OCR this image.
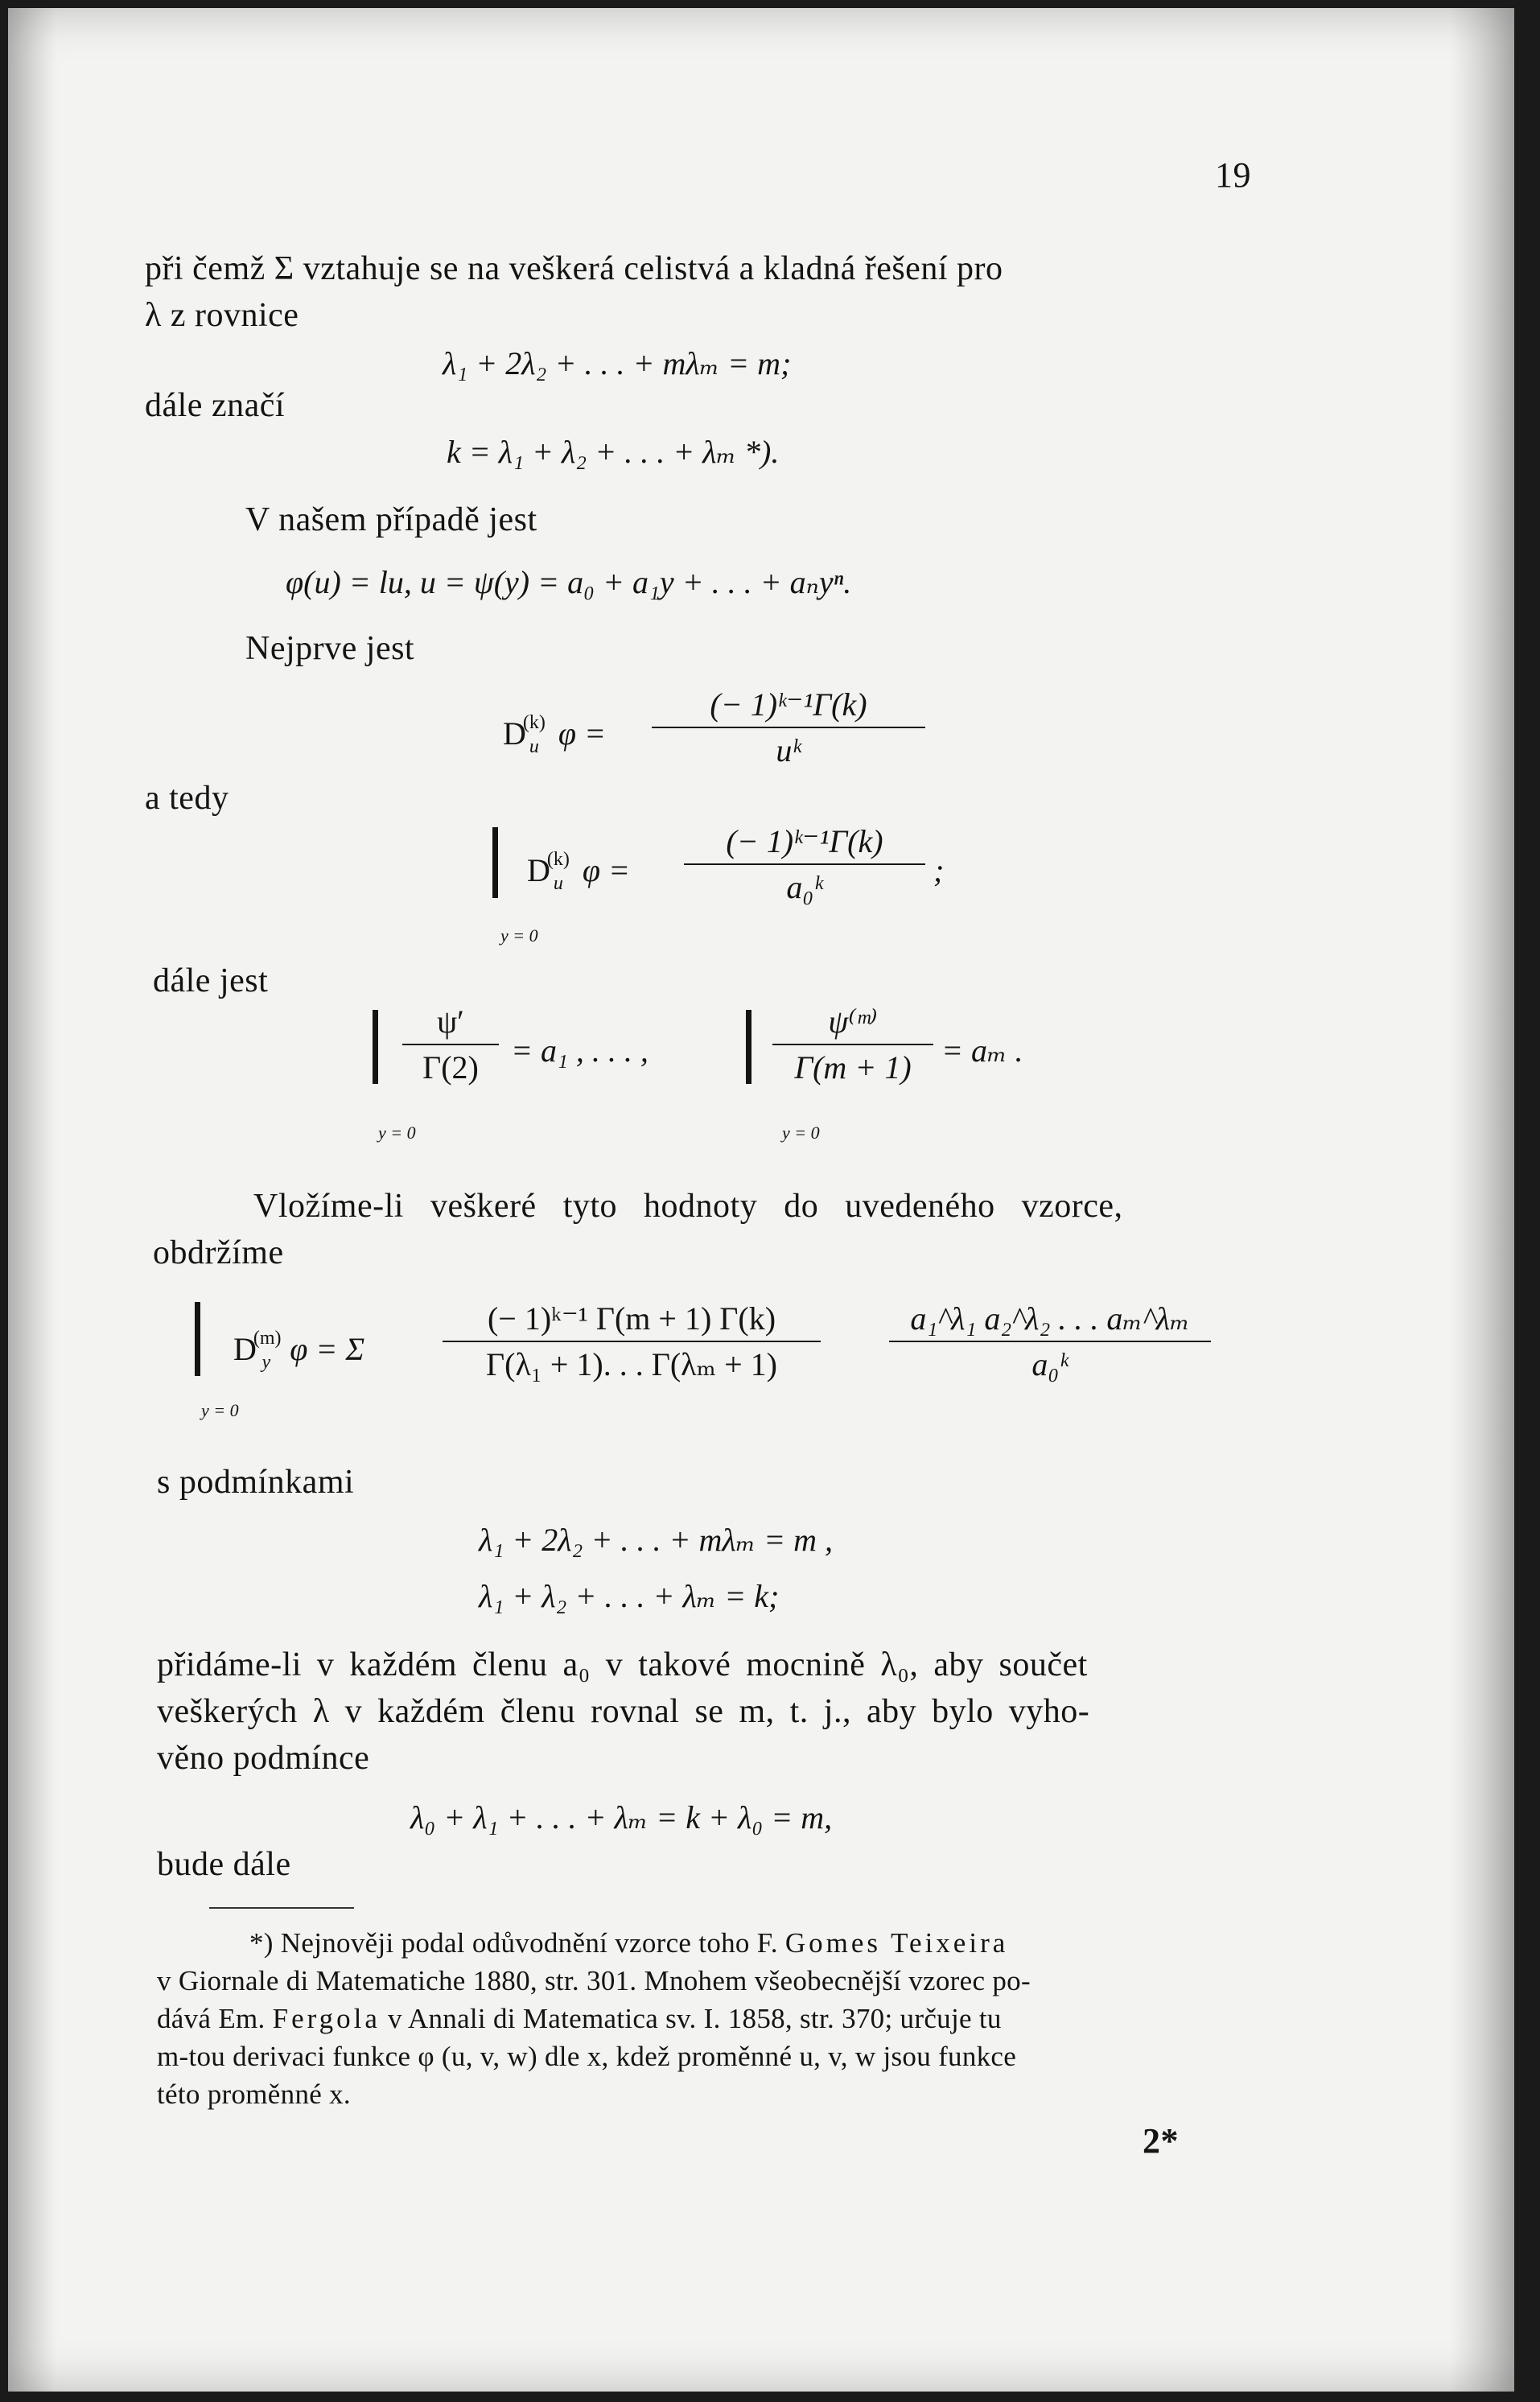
19
při čemž Σ vztahuje se na veškerá celistvá a kladná řešení pro
λ z rovnice
λ₁ + 2λ₂ + . . . + mλₘ = m;
dále značí
k = λ₁ + λ₂ + . . . + λₘ *).
V našem případě jest
φ(u) = lu, u = ψ(y) = a₀ + a₁y + . . . + aₙyⁿ.
Nejprve jest
$D^{(k)}_u$ φ =
(− 1)ᵏ⁻¹Γ(k)
uᵏ
a tedy
$D^{(k)}_u$ φ =
(− 1)ᵏ⁻¹Γ(k)
a₀ᵏ	;
y = 0
dále jest
ψ′
Γ(2)	= a₁ , . . . ,
y = 0
ψ⁽ᵐ⁾
Γ(m + 1) = aₘ .
y = 0
Vložíme-li veškeré tyto hodnoty do uvedeného vzorce,
obdržíme
$D^{(m)}_y$ φ = Σ
(− 1)ᵏ⁻¹ Γ(m + 1) Γ(k)
Γ(λ₁ + 1). . . Γ(λₘ + 1)
a₁^λ₁ a₂^λ₂ . . . aₘ^λₘ
a₀ᵏ
y = 0
s podmínkami
λ₁ + 2λ₂ + . . . + mλₘ = m ,
λ₁ + λ₂ + . . . + λₘ = k;
přidáme-li v každém členu a₀ v takové mocnině λ₀, aby součet
veškerých λ v každém členu rovnal se m, t. j., aby bylo vyho-
věno podmínce
λ₀ + λ₁ + . . . + λₘ = k + λ₀ = m,
bude dále
*) Nejnověji podal odůvodnění vzorce toho F. Gomes Teixeira
v Giornale di Matematiche 1880, str. 301. Mnohem všeobecnější vzorec po-
dává Em. Fergola v Annali di Matematica sv. I. 1858, str. 370; určuje tu
m-tou derivaci funkce φ (u, v, w) dle x, kdež proměnné u, v, w jsou funkce
této proměnné x.
2*
